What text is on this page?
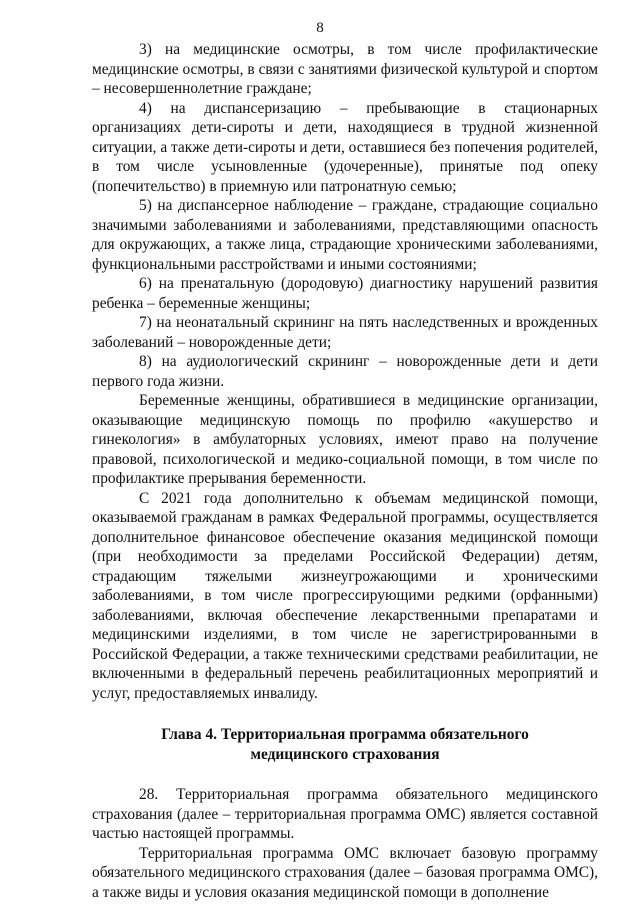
8

3) на медицинские осмотры, в том числе профилактические медицинские осмотры, в связи с занятиями физической культурой и спортом – несовершеннолетние граждане;

4) на диспансеризацию – пребывающие в стационарных организациях дети-сироты и дети, находящиеся в трудной жизненной ситуации, а также дети-сироты и дети, оставшиеся без попечения родителей, в том числе усыновленные (удочеренные), принятые под опеку (попечительство) в приемную или патронатную семью;

5) на диспансерное наблюдение – граждане, страдающие социально значимыми заболеваниями и заболеваниями, представляющими опасность для окружающих, а также лица, страдающие хроническими заболеваниями, функциональными расстройствами и иными состояниями;

6) на пренатальную (дородовую) диагностику нарушений развития ребенка – беременные женщины;

7) на неонатальный скрининг на пять наследственных и врожденных заболеваний – новорожденные дети;

8) на аудиологический скрининг – новорожденные дети и дети первого года жизни.

Беременные женщины, обратившиеся в медицинские организации, оказывающие медицинскую помощь по профилю «акушерство и гинекология» в амбулаторных условиях, имеют право на получение правовой, психологической и медико-социальной помощи, в том числе по профилактике прерывания беременности.

С 2021 года дополнительно к объемам медицинской помощи, оказываемой гражданам в рамках Федеральной программы, осуществляется дополнительное финансовое обеспечение оказания медицинской помощи (при необходимости за пределами Российской Федерации) детям, страдающим тяжелыми жизнеугрожающими и хроническими заболеваниями, в том числе прогрессирующими редкими (орфанными) заболеваниями, включая обеспечение лекарственными препаратами и медицинскими изделиями, в том числе не зарегистрированными в Российской Федерации, а также техническими средствами реабилитации, не включенными в федеральный перечень реабилитационных мероприятий и услуг, предоставляемых инвалиду.

Глава 4. Территориальная программа обязательного
медицинского страхования

28. Территориальная программа обязательного медицинского страхования (далее – территориальная программа ОМС) является составной частью настоящей программы.

Территориальная программа ОМС включает базовую программу обязательного медицинского страхования (далее – базовая программа ОМС), а также виды и условия оказания медицинской помощи в дополнение
